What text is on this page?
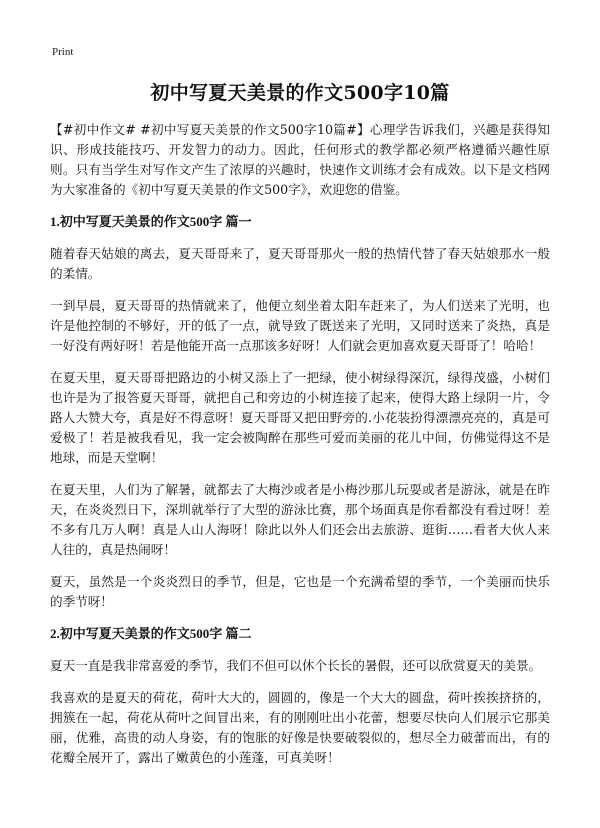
Print
初中写夏天美景的作文500字10篇

【#初中作文# #初中写夏天美景的作文500字10篇#】心理学告诉我们，兴趣是获得知识、形成技能技巧、开发智力的动力。因此，任何形式的教学都必须严格遵循兴趣性原则。只有当学生对写作文产生了浓厚的兴趣时，快速作文训练才会有成效。以下是文档网为大家准备的《初中写夏天美景的作文500字》，欢迎您的借鉴。

1.初中写夏天美景的作文500字 篇一

随着春天姑娘的离去，夏天哥哥来了，夏天哥哥那火一般的热情代替了春天姑娘那水一般的柔情。

一到早晨，夏天哥哥的热情就来了，他便立刻坐着太阳车赶来了，为人们送来了光明，也许是他控制的不够好，开的低了一点，就导致了既送来了光明，又同时送来了炎热，真是一好没有两好呀！若是他能开高一点那该多好呀！人们就会更加喜欢夏天哥哥了！哈哈！

在夏天里，夏天哥哥把路边的小树又添上了一把绿，使小树绿得深沉，绿得茂盛，小树们也许是为了报答夏天哥哥，就把自己和旁边的小树连接了起来，使得大路上绿阴一片，令路人大赞大夸，真是好不得意呀！夏天哥哥又把田野旁的.小花装扮得漂漂亮亮的，真是可爱极了！若是被我看见，我一定会被陶醉在那些可爱而美丽的花儿中间，仿佛觉得这不是地球，而是天堂啊！

在夏天里，人们为了解暑，就都去了大梅沙或者是小梅沙那儿玩耍或者是游泳，就是在昨天，在炎炎烈日下，深圳就举行了大型的游泳比赛，那个场面真是你看都没有看过呀！差不多有几万人啊！真是人山人海呀！除此以外人们还会出去旅游、逛街……看者大伙人来人往的，真是热闹呀！

夏天，虽然是一个炎炎烈日的季节，但是，它也是一个充满希望的季节，一个美丽而快乐的季节呀！

2.初中写夏天美景的作文500字 篇二

夏天一直是我非常喜爱的季节，我们不但可以休个长长的暑假，还可以欣赏夏天的美景。

我喜欢的是夏天的荷花，荷叶大大的，圆圆的，像是一个大大的圆盘，荷叶挨挨挤挤的，拥簇在一起，荷花从荷叶之间冒出来，有的刚刚吐出小花蕾，想要尽快向人们展示它那美丽，优雅，高贵的动人身姿，有的饱胀的好像是快要破裂似的，想尽全力破蕾而出，有的花瓣全展开了，露出了嫩黄色的小莲蓬，可真美呀！
